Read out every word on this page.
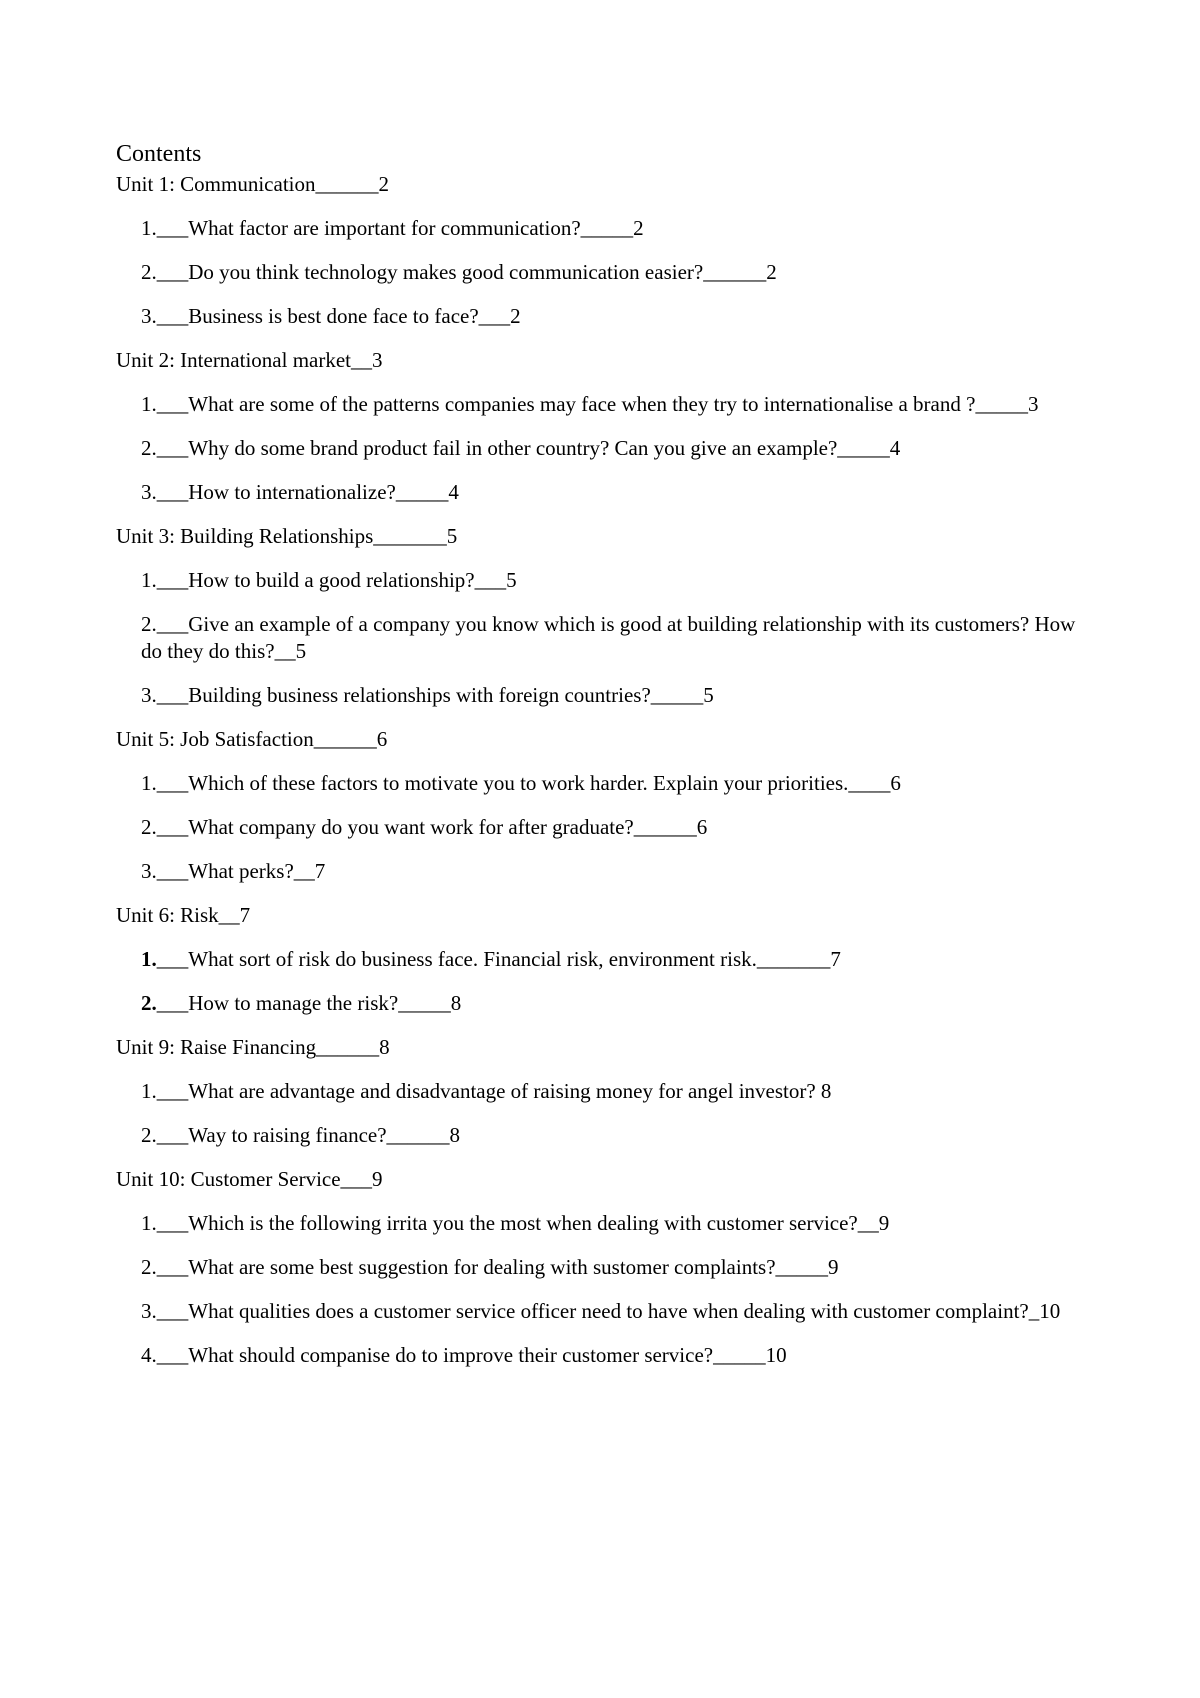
Contents
Unit 1: Communication______2
1.___What factor are important for communication?_____2
2.___Do you think technology makes good communication easier?______2
3.___Business is best done face to face?___2
Unit 2: International market__3
1.___What are some of the patterns companies may face when they try to internationalise a brand ?_____3
2.___Why do some brand product fail in other country? Can you give an example?_____4
3.___How to internationalize?_____4
Unit 3: Building Relationships_______5
1.___How to build a good relationship?___5
2.___Give an example of a company you know which is good at building relationship with its customers? How do they do this?__5
3.___Building business relationships with foreign countries?_____5
Unit 5: Job Satisfaction______6
1.___Which of these factors to motivate you to work harder. Explain your priorities.____6
2.___What company do you want work for after graduate?______6
3.___What perks?__7
Unit 6: Risk__7
1.___What sort of risk do business face. Financial risk, environment risk._______7
2.___How to manage the risk?_____8
Unit 9: Raise Financing______8
1.___What are advantage and disadvantage of raising money for angel investor? 8
2.___Way to raising finance?______8
Unit 10: Customer Service___9
1.___Which is the following irrita you the most when dealing with customer service?__9
2.___What are some best suggestion for dealing with sustomer complaints?_____9
3.___What qualities does a customer service officer need to have when dealing with customer complaint?_10
4.___What should companise do to improve their customer service?_____10
